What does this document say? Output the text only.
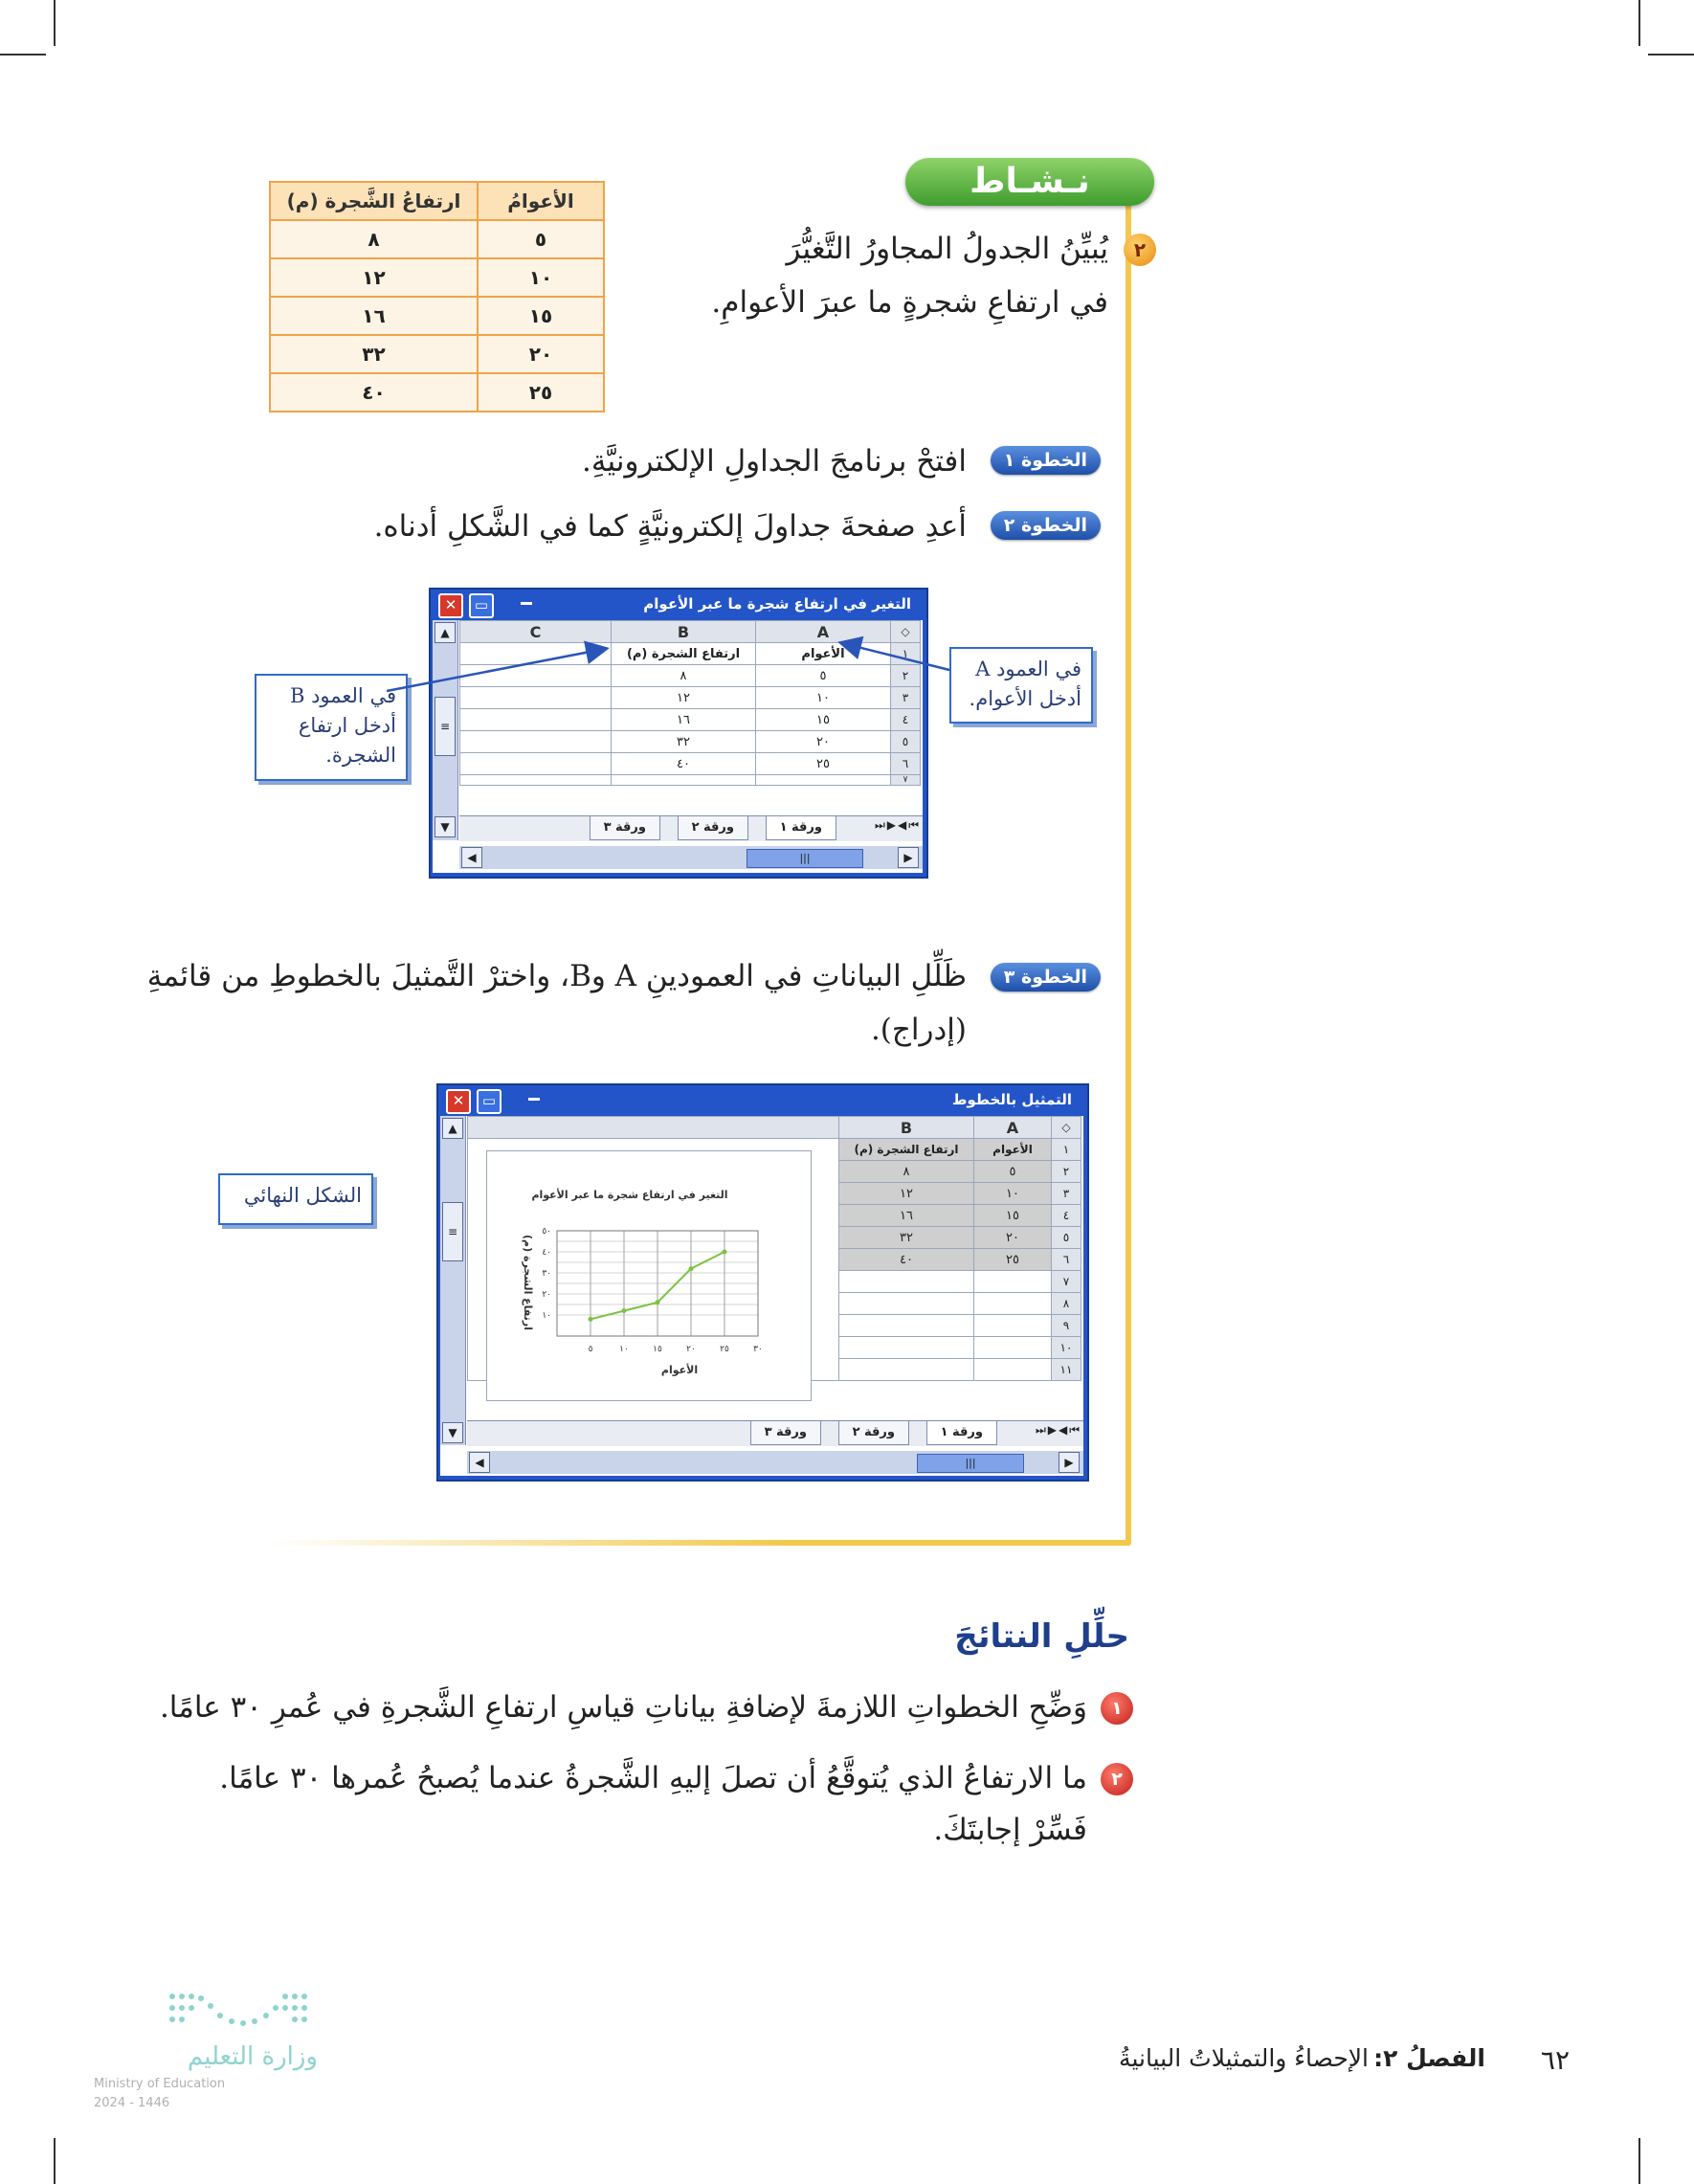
نـشـاط
٢
يُبيِّنُ الجدولُ المجاورُ التَّغيُّرَ
في ارتفاعِ شجرةٍ ما عبرَ الأعوامِ.
الأعوامُ	ارتفاعُ الشَّجرة (م)
٥	٨
١٠	١٢
١٥	١٦
٢٠	٣٢
٢٥	٤٠
الخطوة ١
افتحْ برنامجَ الجداولِ الإلكترونيَّةِ.
الخطوة ٢
أعدِ صفحةَ جداولَ إلكترونيَّةٍ كما في الشَّكلِ أدناه.
التغير في ارتفاع شجرة ما عبر الأعوام
✕	▭
▲
≡
▼
◇	A	B	C
١	الأعوام	ارتفاع الشجرة (م)	
٢	٥	٨	
٣	١٠	١٢	
٤	١٥	١٦	
٥	٢٠	٣٢	
٦	٢٥	٤٠	
٧			
⏮◀▶⏭
ورقة ١
ورقة ٢
ورقة ٣
◀	▶
|||
في العمود A
أدخل الأعوام.
في العمود B
أدخل ارتفاع
الشجرة.
الخطوة ٣
ظَلِّلِ البياناتِ في العمودينِ A وB، واخترْ التَّمثيلَ بالخطوطِ من قائمةِ
(إدراج).
التمثيل بالخطوط
✕	▭
▲
≡
▼
◇	A	B	
١	الأعوام	ارتفاع الشجرة (م)	
٢	٥	٨	
٣	١٠	١٢	
٤	١٥	١٦	
٥	٢٠	٣٢	
٦	٢٥	٤٠	
٧			
٨			
٩			
١٠			
١١			
التغير في ارتفاع شجرة ما عبر الأعوام
الأعوام
ارتفاع الشجرة (م)
٥	١٠	١٥	٢٠	٢٥	٣٠
١٠
٢٠
٣٠
٤٠
٥٠
⏮◀▶⏭
ورقة ١
ورقة ٢
ورقة ٣
◀	▶
|||
الشكل النهائي
حلِّلِ النتائجَ
١
وَضِّحِ الخطواتِ اللازمةَ لإضافةِ بياناتِ قياسِ ارتفاعِ الشَّجرةِ في عُمرِ ٣٠ عامًا.
٢
ما الارتفاعُ الذي يُتوقَّعُ أن تصلَ إليهِ الشَّجرةُ عندما يُصبحُ عُمرها ٣٠ عامًا.
فَسِّرْ إجابتَكَ.
وزارة التعليم
Ministry of Education
2024 - 1446
٦٢
الفصلُ ٢:
الإحصاءُ والتمثيلاتُ البيانيةُ
